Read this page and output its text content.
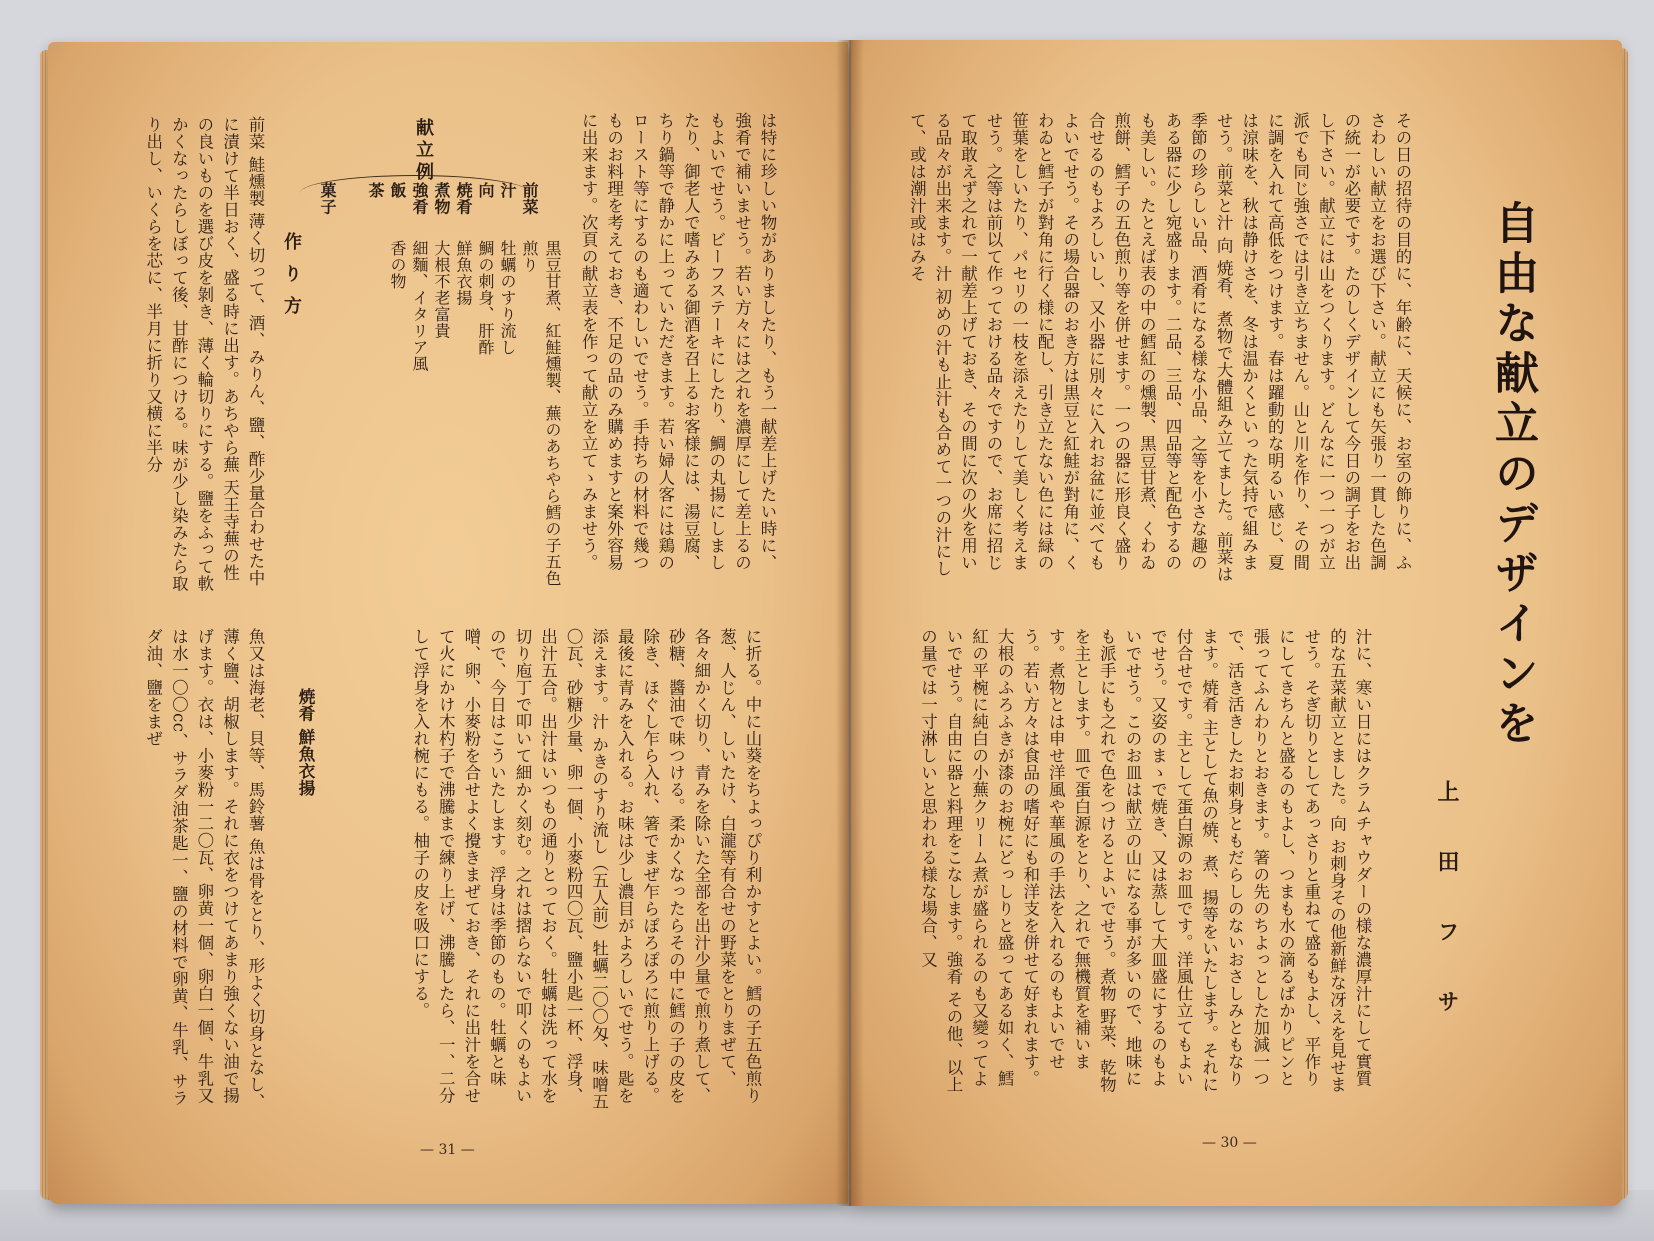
自由な献立のデザインを
上田フサ
その日の招待の目的に、年齢に、天候に、お室の飾りに、ふさわしい献立をお選び下さい。献立にも矢張り一貫した色調の統一が必要です。たのしくデザインして今日の調子をお出し下さい。献立には山をつくります。どんなに一つ一つが立派でも同じ強さでは引き立ちません。山と川を作り、その間に調を入れて高低をつけます。春は躍動的な明るい感じ、夏は涼味を、秋は静けさを、冬は温かくといった気持で組みませう。前菜と汁 向 焼肴、煮物で大體組み立てました。前菜は季節の珍らしい品、酒肴になる様な小品、之等を小さな趣のある器に少し宛盛ります。二品、三品、四品等と配色するのも美しい。たとえば表の中の鱈紅の燻製、黒豆甘煮、くわゐ煎餅、鱈子の五色煎り等を併せます。一つの器に形良く盛り合せるのもよろしいし、又小器に別々に入れお盆に並べてもよいでせう。その場合器のおき方は黒豆と紅鮭が對角に、くわゐと鱈子が對角に行く様に配し、引き立たない色には緑の笹葉をしいたり、パセリの一枝を添えたりして美しく考えませう。之等は前以て作っておける品々ですので、お席に招じて取敢えず之れで一献差上げておき、その間に次の火を用いる品々が出来ます。汁 初めの汁も止汁も合めて一つの汁にして、或は潮汁或はみそ
汁に、寒い日にはクラムチャウダーの様な濃厚汁にして實質的な五菜献立とました。向 お刺身その他新鮮な冴えを見せませう。そぎ切りとしてあっさりと重ねて盛るもよし、平作りにしてきちんと盛るのもよし、つまも水の滴るばかりピンと張ってふんわりとおきます。箸の先のちよっとした加減一つで、活き活きしたお刺身ともだらしのないおさしみともなります。焼肴 主として魚の焼、煮、揚等をいたします。それに付合せです。主として蛋白源のお皿です。洋風仕立てもよいでせう。又姿のまゝで焼き、又は蒸して大皿盛にするのもよいでせう。このお皿は献立の山になる事が多いので、地味にも派手にも之れで色をつけるとよいでせう。煮物 野菜、乾物を主とします。皿で蛋白源をとり、之れで無機質を補います。煮物とは申せ洋風や華風の手法を入れるのもよいでせう。若い方々は食品の嗜好にも和洋支を併せて好まれます。大根のふろふきが漆のお椀にどっしりと盛ってある如く、鱈紅の平椀に純白の小蕪クリーム煮が盛られるのも又變ってよいでせう。自由に器と料理をこなします。強肴 その他、以上の量では一寸淋しいと思われる様な場合、又
— 30 —
は特に珍しい物がありましたり、もう一献差上げたい時に、強肴で補いませう。若い方々には之れを濃厚にして差上るのもよいでせう。ビーフステーキにしたり、鯛の丸揚にしましたり、御老人で嗜みある御酒を召上るお客様には、湯豆腐、ちり鍋等で静かに上っていただきます。若い婦人客には鶏のロースト等にするのも適わしいでせう。手持ちの材料で幾つものお料理を考えておき、不足の品のみ購めますと案外容易に出来ます。次頁の献立表を作って献立を立てゝみませう。
献立例
前菜
黒豆甘煮、紅鮭燻製、蕪のあちやら鱈の子五色煎り
汁
牡蠣のすり流し
向
鯛の刺身、肝酢
焼肴
鮮魚衣揚
煮物
大根不老富貴
強肴
細麵、イタリア風
飯
香の物
茶
菓子
作り方
前菜 鮭燻製 薄く切って、酒、みりん、鹽、酢少量合わせた中に漬けて半日おく、盛る時に出す。あちやら蕪 天王寺蕪の性の良いものを選び皮を剝き、薄く輪切りにする。鹽をふって軟かくなったらしぼって後、甘酢につける。味が少し染みたら取り出し、いくらを芯に、半月に折り又横に半分
に折る。中に山葵をちよっぴり利かすとよい。鱈の子五色煎り 葱、人じん、しいたけ、白瀧等有合せの野菜をとりまぜて、各々細かく切り、青みを除いた全部を出汁少量で煎り煮して、砂糖、醬油で味つける。柔かくなったらその中に鱈の子の皮を除き、ほぐし乍ら入れ、箸でまぜ乍らぽろぽろに煎り上げる。最後に青みを入れる。お味は少し濃目がよろしいでせう。匙を添えます。汁 かきのすり流し（五人前）牡蠣二〇〇匁、味噌五〇瓦、砂糖少量、卵一個、小麥粉四〇瓦、鹽小匙一杯、浮身、出汁五合。出汁はいつもの通りとっておく。牡蠣は洗って水を切り庖丁で叩いて細かく刻む。之れは摺らないで叩くのもよいので、今日はこういたします。浮身は季節のもの。牡蠣と味噌、卵、小麥粉を合せよく攪きまぜておき、それに出汁を合せて火にかけ木杓子で沸騰まで練り上げ、沸騰したら、一、二分して浮身を入れ椀にもる。柚子の皮を吸口にする。
焼肴 鮮魚衣揚
魚又は海老、貝等、馬鈴薯 魚は骨をとり、形よく切身となし、薄く鹽、胡椒します。それに衣をつけてあまり強くない油で揚げます。衣は、小麥粉一二〇瓦、卵黄一個、卵白一個、牛乳又は水一〇〇cc、サラダ油茶匙一、鹽の材料で卵黄、牛乳、サラダ油、鹽をまぜ
— 31 —
